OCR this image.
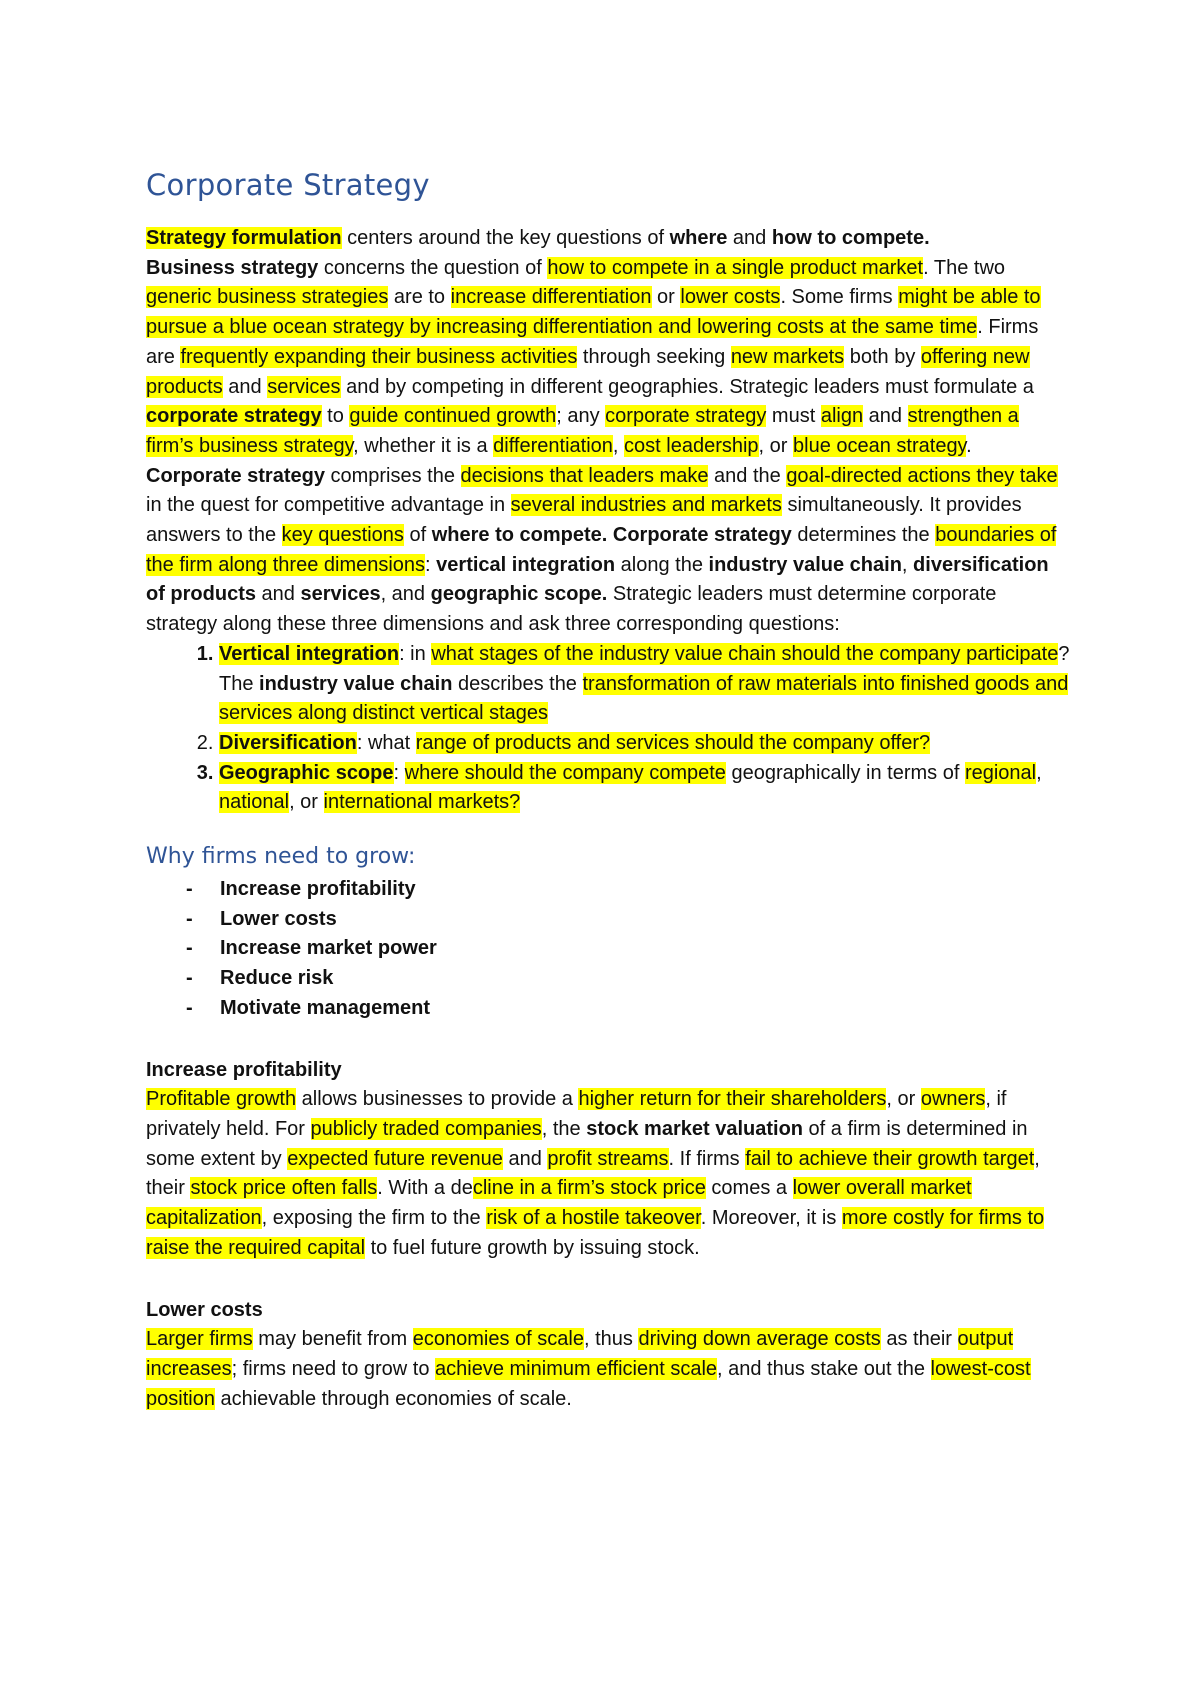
Corporate Strategy

Strategy formulation centers around the key questions of where and how to compete.
Business strategy concerns the question of how to compete in a single product market. The two generic business strategies are to increase differentiation or lower costs. Some firms might be able to pursue a blue ocean strategy by increasing differentiation and lowering costs at the same time. Firms are frequently expanding their business activities through seeking new markets both by offering new products and services and by competing in different geographies. Strategic leaders must formulate a corporate strategy to guide continued growth; any corporate strategy must align and strengthen a firm’s business strategy, whether it is a differentiation, cost leadership, or blue ocean strategy.

Corporate strategy comprises the decisions that leaders make and the goal-directed actions they take in the quest for competitive advantage in several industries and markets simultaneously. It provides answers to the key questions of where to compete. Corporate strategy determines the boundaries of the firm along three dimensions: vertical integration along the industry value chain, diversification of products and services, and geographic scope. Strategic leaders must determine corporate strategy along these three dimensions and ask three corresponding questions:

1. Vertical integration: in what stages of the industry value chain should the company participate? The industry value chain describes the transformation of raw materials into finished goods and services along distinct vertical stages
2. Diversification: what range of products and services should the company offer?
3. Geographic scope: where should the company compete geographically in terms of regional, national, or international markets?
Why firms need to grow:
- Increase profitability
- Lower costs
- Increase market power
- Reduce risk
- Motivate management
Increase profitability

Profitable growth allows businesses to provide a higher return for their shareholders, or owners, if privately held. For publicly traded companies, the stock market valuation of a firm is determined in some extent by expected future revenue and profit streams. If firms fail to achieve their growth target, their stock price often falls. With a decline in a firm’s stock price comes a lower overall market capitalization, exposing the firm to the risk of a hostile takeover. Moreover, it is more costly for firms to raise the required capital to fuel future growth by issuing stock.

Lower costs

Larger firms may benefit from economies of scale, thus driving down average costs as their output increases; firms need to grow to achieve minimum efficient scale, and thus stake out the lowest-cost position achievable through economies of scale.
